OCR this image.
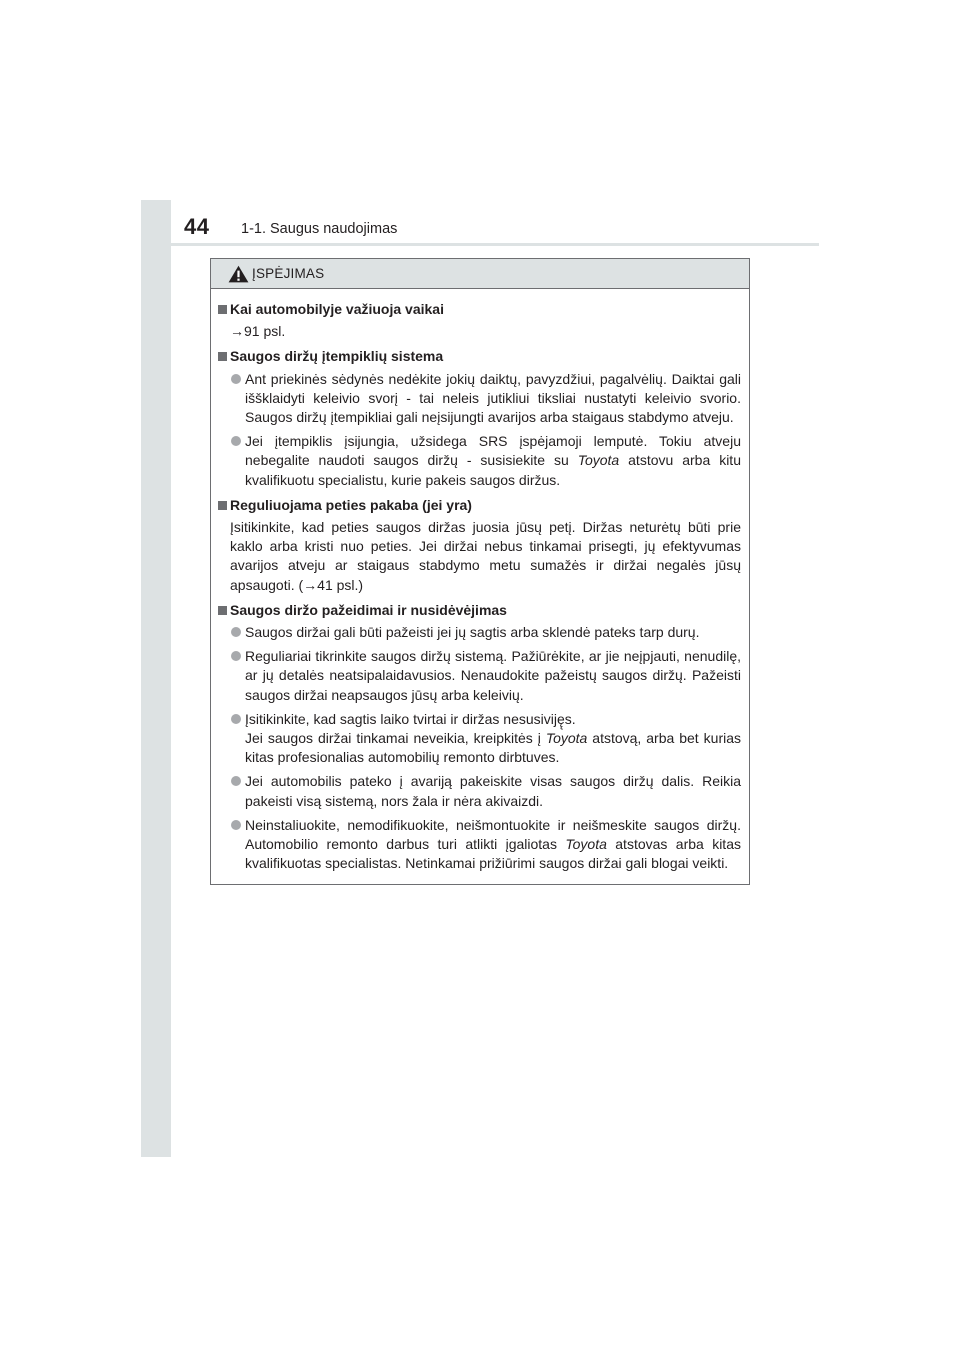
44 1-1. Saugus naudojimas
ĮSPĖJIMAS
Kai automobilyje važiuoja vaikai
→91 psl.
Saugos diržų įtempiklių sistema
Ant priekinės sėdynės nedėkite jokių daiktų, pavyzdžiui, pagalvėlių. Daiktai gali iššklaidyti keleivio svorį - tai neleis jutikliui tiksliai nustatyti keleivio svorio. Saugos diržų įtempikliai gali neįsijungti avarijos arba staigaus stabdymo atveju.
Jei įtempiklis įsijungia, užsidega SRS įspėjamoji lemputė. Tokiu atveju nebegalite naudoti saugos diržų - susisiekite su Toyota atstovu arba kitu kvalifikuotu specialistu, kurie pakeis saugos diržus.
Reguliuojama peties pakaba (jei yra)
Įsitikinkite, kad peties saugos diržas juosia jūsų petį. Diržas neturėtų būti prie kaklo arba kristi nuo peties. Jei diržai nebus tinkamai prisegti, jų efektyvumas avarijos atveju ar staigaus stabdymo metu sumažės ir diržai negalės jūsų apsaugoti. (→41 psl.)
Saugos diržo pažeidimai ir nusidėvėjimas
Saugos diržai gali būti pažeisti jei jų sagtis arba sklendė pateks tarp durų.
Reguliariai tikrinkite saugos diržų sistemą. Pažiūrėkite, ar jie neįpjauti, nenudilę, ar jų detalės neatsipalaidavusios. Nenaudokite pažeistų saugos diržų. Pažeisti saugos diržai neapsaugos jūsų arba keleivių.
Įsitikinkite, kad sagtis laiko tvirtai ir diržas nesusiviję̨s.
Jei saugos diržai tinkamai neveikia, kreipkitės į Toyota atstovą, arba bet kurias kitas profesionalias automobilių remonto dirbtuves.
Jei automobilis pateko į avariją pakeiskite visas saugos diržų dalis. Reikia pakeisti visą sistemą, nors žala ir nėra akivaizdi.
Neinstaliuokite, nemodifikuokite, neišmontuokite ir neišmeskite saugos diržų. Automobilio remonto darbus turi atlikti įgaliotas Toyota atstovas arba kitas kvalifikuotas specialistas. Netinkamai prižiūrimi saugos diržai gali blogai veikti.
